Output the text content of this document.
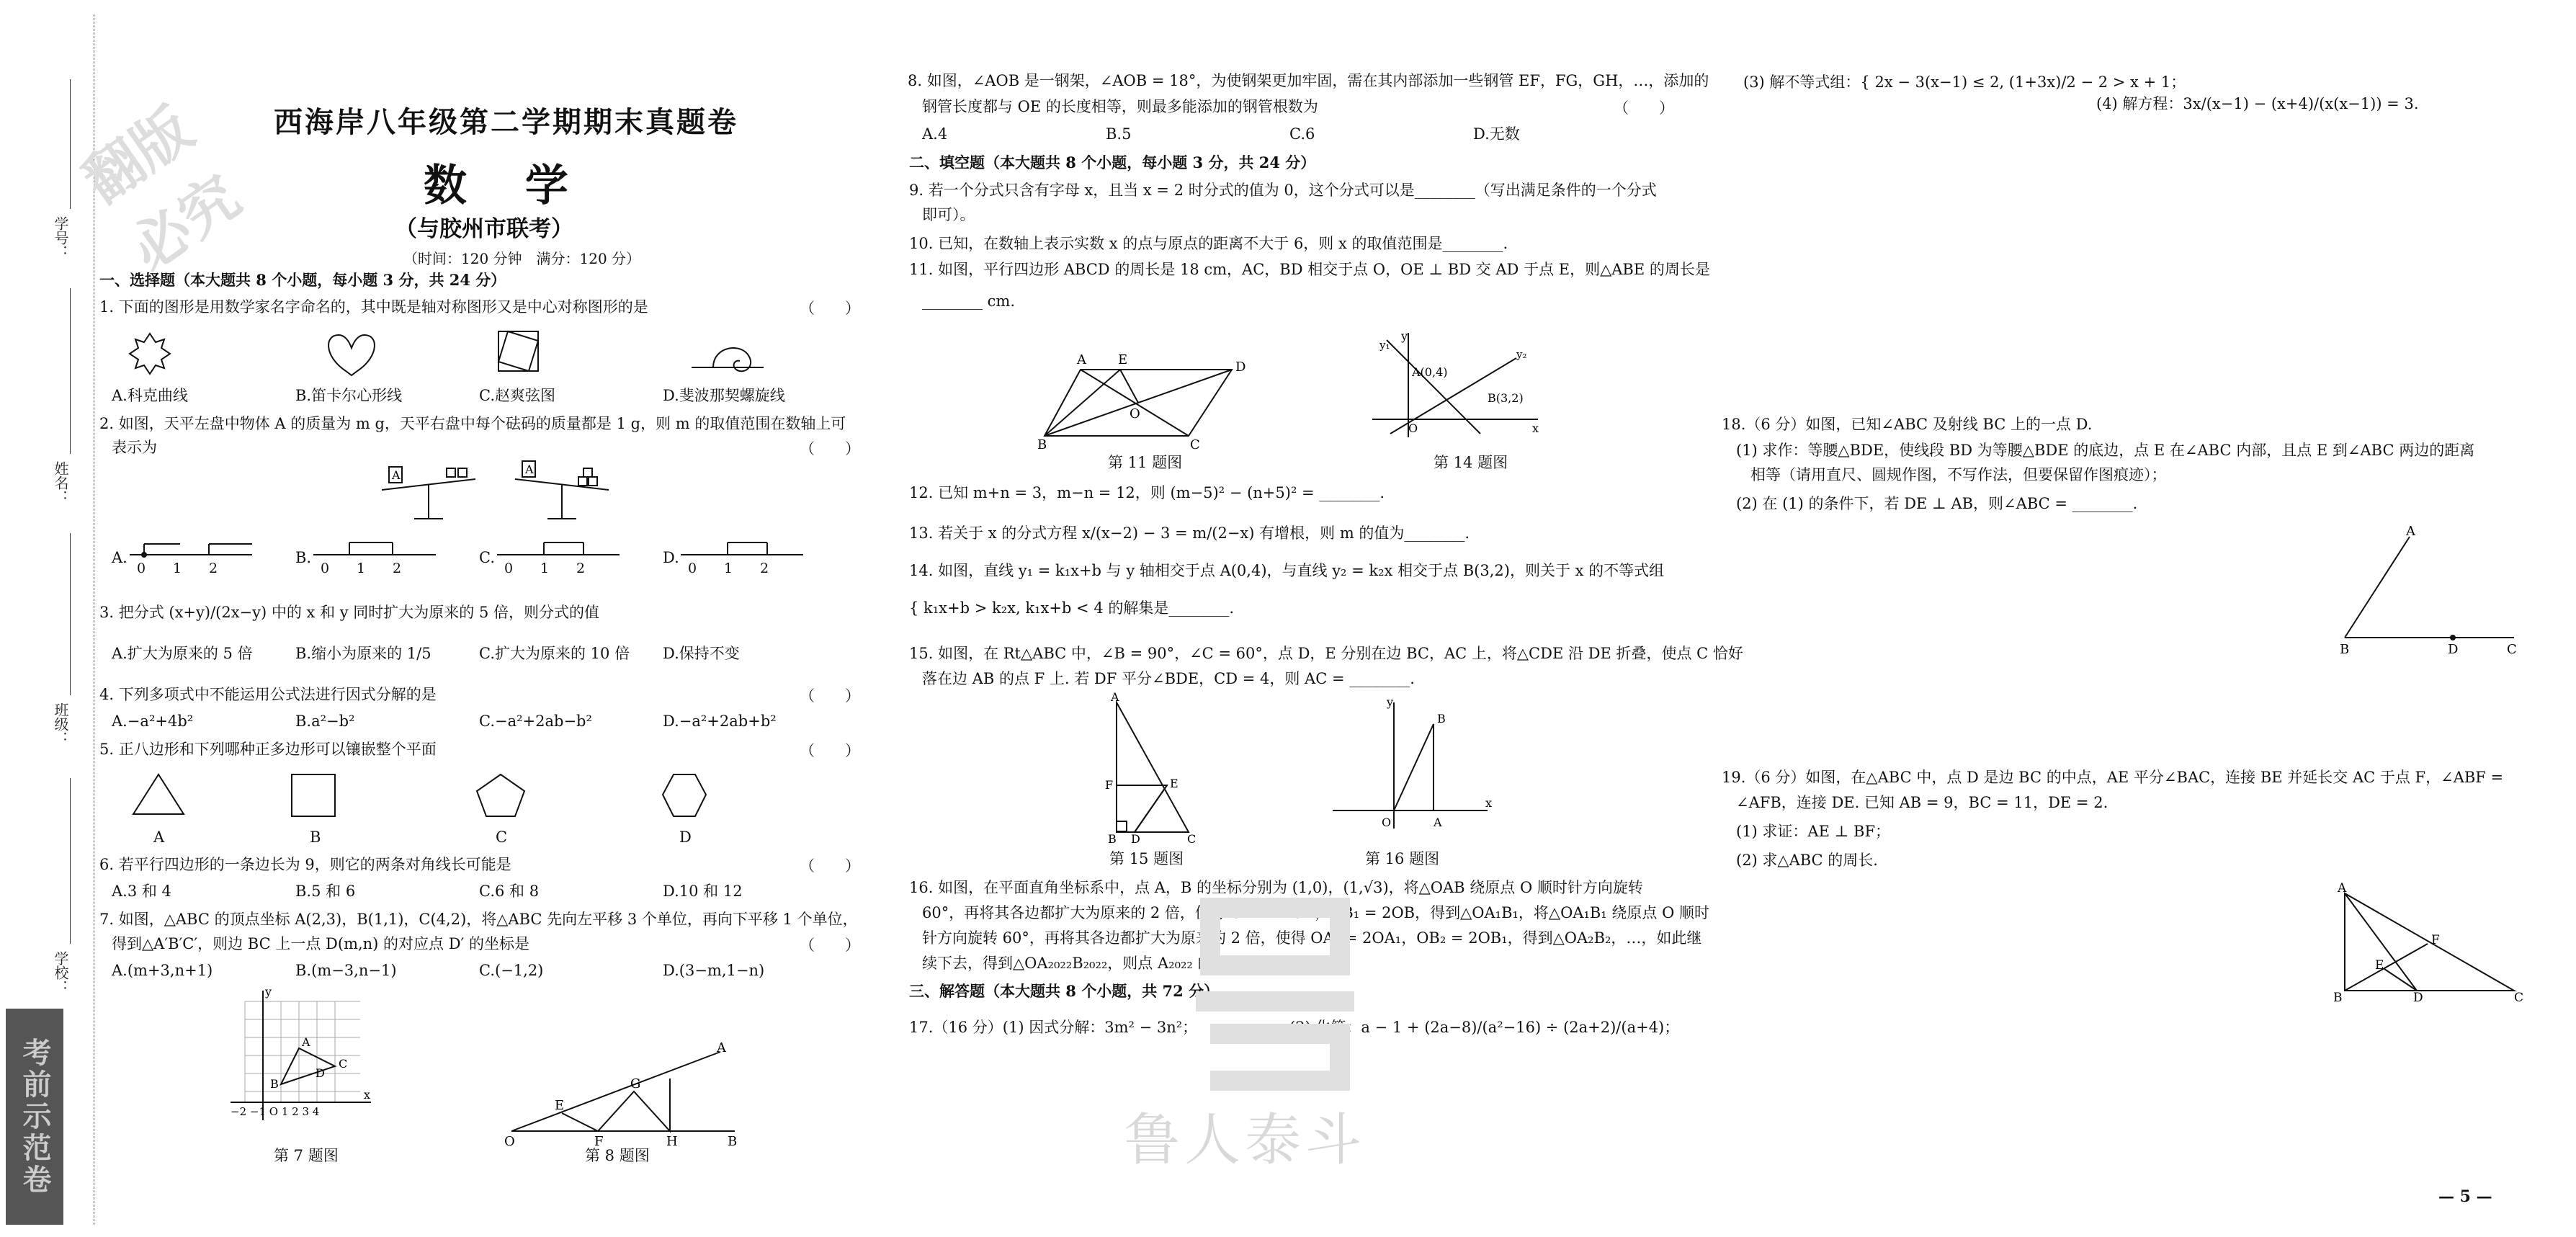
学号：
姓名：
班级：
学校：
考前示范卷
翻版必究
西海岸八年级第二学期期末真题卷
数 学
（与胶州市联考）
（时间：120 分钟　满分：120 分）
一、选择题（本大题共 8 个小题，每小题 3 分，共 24 分）
1. 下面的图形是用数学家名字命名的，其中既是轴对称图形又是中心对称图形的是	（　　）
A.科克曲线	B.笛卡尔心形线	C.赵爽弦图	D.斐波那契螺旋线
2. 如图，天平左盘中物体 A 的质量为 m g，天平右盘中每个砝码的质量都是 1 g，则 m 的取值范围在数轴上可
表示为	（　　）
A	A
A.	B.	C.	D.
0 1 2	0 1 2	0 1 2	0 1 2
3. 把分式 (x+y)/(2x−y) 中的 x 和 y 同时扩大为原来的 5 倍，则分式的值
A.扩大为原来的 5 倍	B.缩小为原来的 1/5	C.扩大为原来的 10 倍 D.保持不变
4. 下列多项式中不能运用公式法进行因式分解的是	（　　）
A.−a²+4b²	B.a²−b²	C.−a²+2ab−b²	D.−a²+2ab+b²
5. 正八边形和下列哪种正多边形可以镶嵌整个平面	（　　）
A	B	C	D
6. 若平行四边形的一条边长为 9，则它的两条对角线长可能是	（　　）
A.3 和 4	B.5 和 6	C.6 和 8	D.10 和 12
7. 如图，△ABC 的顶点坐标 A(2,3)，B(1,1)，C(4,2)，将△ABC 先向左平移 3 个单位，再向下平移 1 个单位，
得到△A′B′C′，则边 BC 上一点 D(m,n) 的对应点 D′ 的坐标是	（　　）
A.(m+3,n+1)	B.(m−3,n−1)	C.(−1,2)	D.(3−m,1−n)
A
B
C
D
y
x
−2 −1 O 1 2 3 4
第 7 题图
O
E
F
G
H
A
B
第 8 题图
8. 如图，∠AOB 是一钢架，∠AOB = 18°，为使钢架更加牢固，需在其内部添加一些钢管 EF，FG，GH，…，添加的
钢管长度都与 OE 的长度相等，则最多能添加的钢管根数为	（　　）
A.4	B.5	C.6	D.无数
二、填空题（本大题共 8 个小题，每小题 3 分，共 24 分）
9. 若一个分式只含有字母 x，且当 x = 2 时分式的值为 0，这个分式可以是________（写出满足条件的一个分式
即可）。
10. 已知，在数轴上表示实数 x 的点与原点的距离不大于 6，则 x 的取值范围是________.
11. 如图，平行四边形 ABCD 的周长是 18 cm，AC，BD 相交于点 O，OE ⊥ BD 交 AD 于点 E，则△ABE 的周长是
________ cm.
A E	D
B	C
O
第 11 题图
y
x
A(0,4)
B(3,2)
y₁
y₂
O
第 14 题图
12. 已知 m+n = 3，m−n = 12，则 (m−5)² − (n+5)² = ________.
13. 若关于 x 的分式方程 x/(x−2) − 3 = m/(2−x) 有增根，则 m 的值为________.
14. 如图，直线 y₁ = k₁x+b 与 y 轴相交于点 A(0,4)，与直线 y₂ = k₂x 相交于点 B(3,2)，则关于 x 的不等式组
{ k₁x+b > k₂x, k₁x+b < 4 的解集是________.
15. 如图，在 Rt△ABC 中，∠B = 90°，∠C = 60°，点 D，E 分别在边 BC，AC 上，将△CDE 沿 DE 折叠，使点 C 恰好
落在边 AB 的点 F 上. 若 DF 平分∠BDE，CD = 4，则 AC = ________.
A
F	E
B D	C
第 15 题图
y
x
B
O	A
第 16 题图
16. 如图，在平面直角坐标系中，点 A，B 的坐标分别为 (1,0)，(1,√3)，将△OAB 绕原点 O 顺时针方向旋转
60°，再将其各边都扩大为原来的 2 倍，使得 OA₁ = 2OA，OB₁ = 2OB，得到△OA₁B₁，将△OA₁B₁ 绕原点 O 顺时
针方向旋转 60°，再将其各边都扩大为原来的 2 倍，使得 OA₂ = 2OA₁，OB₂ = 2OB₁，得到△OA₂B₂，…，如此继
续下去，得到△OA₂₀₂₂B₂₀₂₂，则点 A₂₀₂₂ 的坐标是________.
三、解答题（本大题共 8 个小题，共 72 分）
17.（16 分）(1) 因式分解：3m² − 3n²；	(2) 化简：a − 1 + (2a−8)/(a²−16) ÷ (2a+2)/(a+4)；
鲁人泰斗
(3) 解不等式组：{ 2x − 3(x−1) ≤ 2, (1+3x)/2 − 2 > x + 1；
(4) 解方程：3x/(x−1) − (x+4)/(x(x−1)) = 3.
18.（6 分）如图，已知∠ABC 及射线 BC 上的一点 D.
(1) 求作：等腰△BDE，使线段 BD 为等腰△BDE 的底边，点 E 在∠ABC 内部，且点 E 到∠ABC 两边的距离
相等（请用直尺、圆规作图，不写作法，但要保留作图痕迹）；
(2) 在 (1) 的条件下，若 DE ⊥ AB，则∠ABC = ________.
A
B	D	C
19.（6 分）如图，在△ABC 中，点 D 是边 BC 的中点，AE 平分∠BAC，连接 BE 并延长交 AC 于点 F，∠ABF =
∠AFB，连接 DE. 已知 AB = 9，BC = 11，DE = 2.
(1) 求证：AE ⊥ BF；
(2) 求△ABC 的周长.
A
F
E
B	D	C
— 5 —
